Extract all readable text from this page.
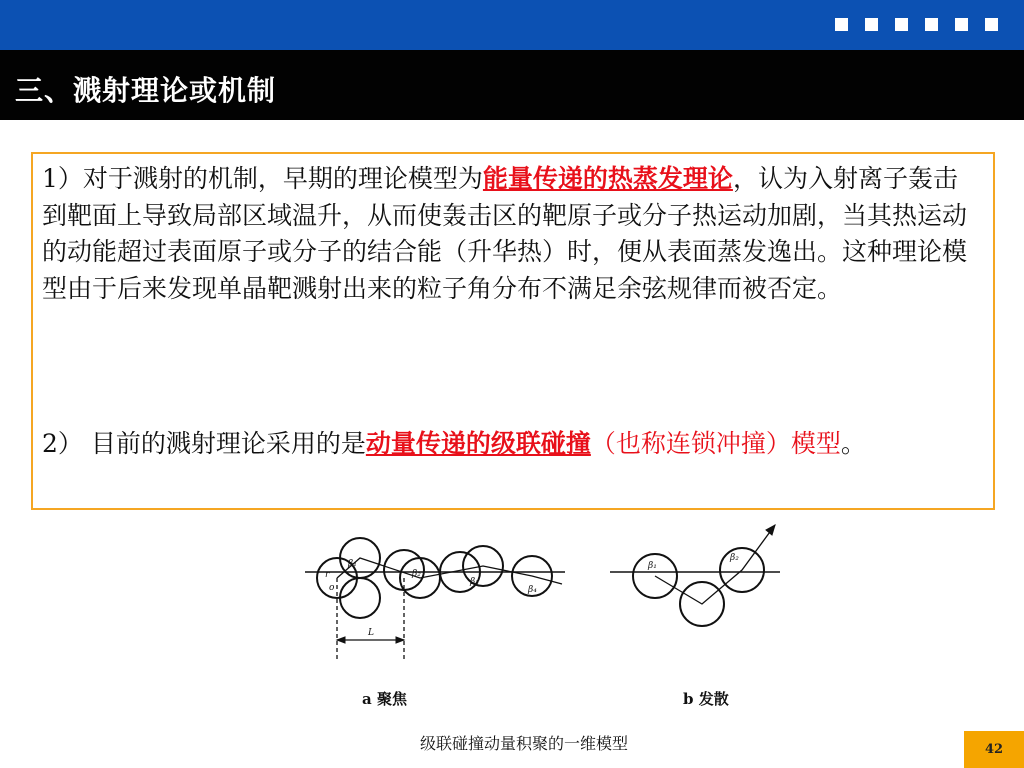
三、溅射理论或机制

1）对于溅射的机制，早期的理论模型为能量传递的热蒸发理论，认为入射离子轰击到靶面上导致局部区域温升，从而使轰击区的靶原子或分子热运动加剧，当其热运动的动能超过表面原子或分子的结合能（升华热）时，便从表面蒸发逸出。这种理论模型由于后来发现单晶靶溅射出来的粒子角分布不满足余弦规律而被否定。

2） 目前的溅射理论采用的是动量传递的级联碰撞（也称连锁冲撞）模型。

r
o
β₁
β₂
β₃
β₄
L
β₁
β₂
a 聚焦	b 发散
级联碰撞动量积聚的一维模型	42
